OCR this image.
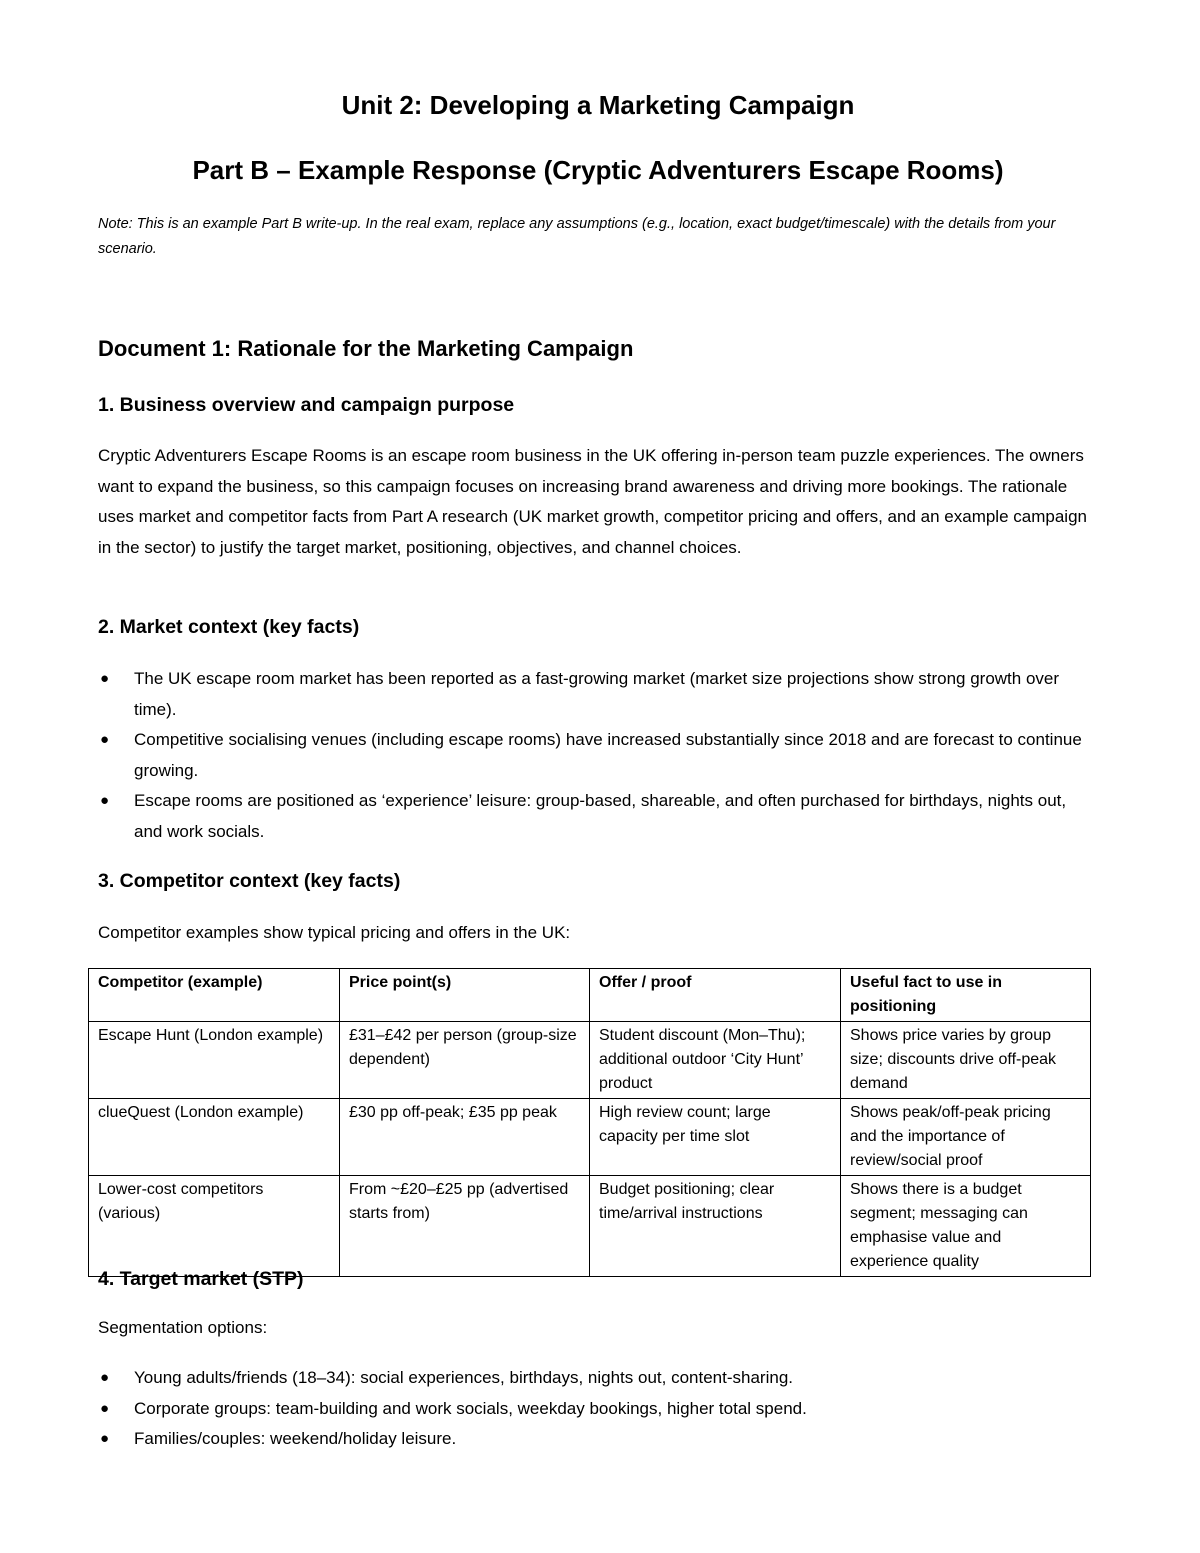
Unit 2: Developing a Marketing Campaign
Part B – Example Response (Cryptic Adventurers Escape Rooms)
Note: This is an example Part B write-up. In the real exam, replace any assumptions (e.g., location, exact budget/timescale) with the details from your scenario.
Document 1: Rationale for the Marketing Campaign
1. Business overview and campaign purpose
Cryptic Adventurers Escape Rooms is an escape room business in the UK offering in-person team puzzle experiences. The owners want to expand the business, so this campaign focuses on increasing brand awareness and driving more bookings. The rationale uses market and competitor facts from Part A research (UK market growth, competitor pricing and offers, and an example campaign in the sector) to justify the target market, positioning, objectives, and channel choices.
2. Market context (key facts)
● The UK escape room market has been reported as a fast-growing market (market size projections show strong growth over time).
● Competitive socialising venues (including escape rooms) have increased substantially since 2018 and are forecast to continue growing.
● Escape rooms are positioned as ‘experience’ leisure: group-based, shareable, and often purchased for birthdays, nights out, and work socials.
3. Competitor context (key facts)
Competitor examples show typical pricing and offers in the UK:
Competitor (example)	Price point(s)	Offer / proof	Useful fact to use in positioning
Escape Hunt (London example)	£31–£42 per person (group-size dependent)	Student discount (Mon–Thu); additional outdoor ‘City Hunt’ product	Shows price varies by group size; discounts drive off-peak demand
clueQuest (London example)	£30 pp off-peak; £35 pp peak	High review count; large capacity per time slot	Shows peak/off-peak pricing and the importance of review/social proof
Lower-cost competitors (various)	From ~£20–£25 pp (advertised starts from)	Budget positioning; clear time/arrival instructions	Shows there is a budget segment; messaging can emphasise value and experience quality
4. Target market (STP)
Segmentation options:
● Young adults/friends (18–34): social experiences, birthdays, nights out, content-sharing.
● Corporate groups: team-building and work socials, weekday bookings, higher total spend.
● Families/couples: weekend/holiday leisure.
